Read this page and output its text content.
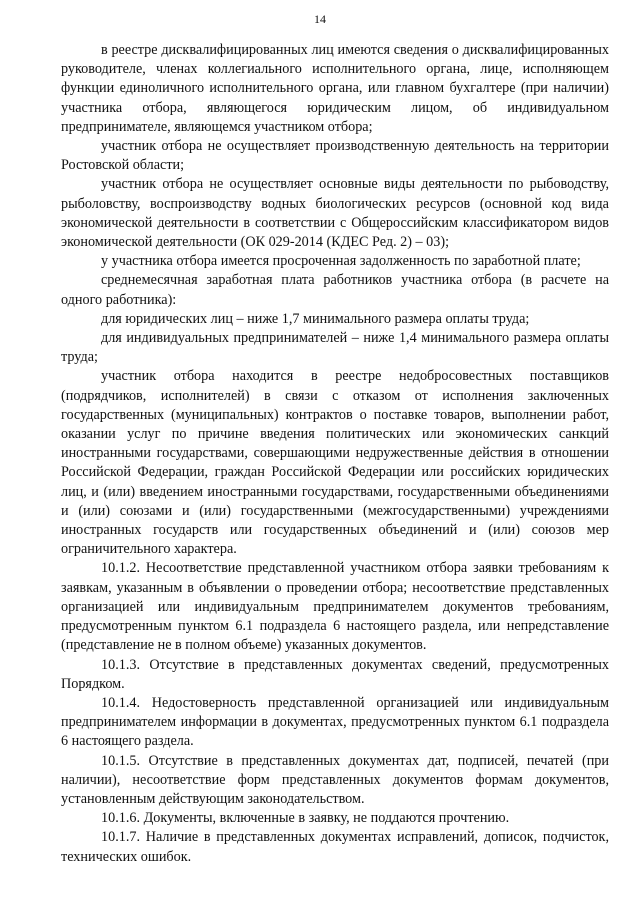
14

в реестре дисквалифицированных лиц имеются сведения о дисквалифицированных руководителе, членах коллегиального исполнительного органа, лице, исполняющем функции единоличного исполнительного органа, или главном бухгалтере (при наличии) участника отбора, являющегося юридическим лицом, об индивидуальном предпринимателе, являющемся участником отбора;

участник отбора не осуществляет производственную деятельность на территории Ростовской области;

участник отбора не осуществляет основные виды деятельности по рыбоводству, рыболовству, воспроизводству водных биологических ресурсов (основной код вида экономической деятельности в соответствии с Общероссийским классификатором видов экономической деятельности (ОК 029-2014 (КДЕС Ред. 2) – 03);

у участника отбора имеется просроченная задолженность по заработной плате;

среднемесячная заработная плата работников участника отбора (в расчете на одного работника):

для юридических лиц – ниже 1,7 минимального размера оплаты труда;

для индивидуальных предпринимателей – ниже 1,4 минимального размера оплаты труда;

участник отбора находится в реестре недобросовестных поставщиков (подрядчиков, исполнителей) в связи с отказом от исполнения заключенных государственных (муниципальных) контрактов о поставке товаров, выполнении работ, оказании услуг по причине введения политических или экономических санкций иностранными государствами, совершающими недружественные действия в отношении Российской Федерации, граждан Российской Федерации или российских юридических лиц, и (или) введением иностранными государствами, государственными объединениями и (или) союзами и (или) государственными (межгосударственными) учреждениями иностранных государств или государственных объединений и (или) союзов мер ограничительного характера.

10.1.2. Несоответствие представленной участником отбора заявки требованиям к заявкам, указанным в объявлении о проведении отбора; несоответствие представленных организацией или индивидуальным предпринимателем документов требованиям, предусмотренным пунктом 6.1 подраздела 6 настоящего раздела, или непредставление (представление не в полном объеме) указанных документов.

10.1.3. Отсутствие в представленных документах сведений, предусмотренных Порядком.

10.1.4. Недостоверность представленной организацией или индивидуальным предпринимателем информации в документах, предусмотренных пунктом 6.1 подраздела 6 настоящего раздела.

10.1.5. Отсутствие в представленных документах дат, подписей, печатей (при наличии), несоответствие форм представленных документов формам документов, установленным действующим законодательством.

10.1.6. Документы, включенные в заявку, не поддаются прочтению.

10.1.7. Наличие в представленных документах исправлений, дописок, подчисток, технических ошибок.
